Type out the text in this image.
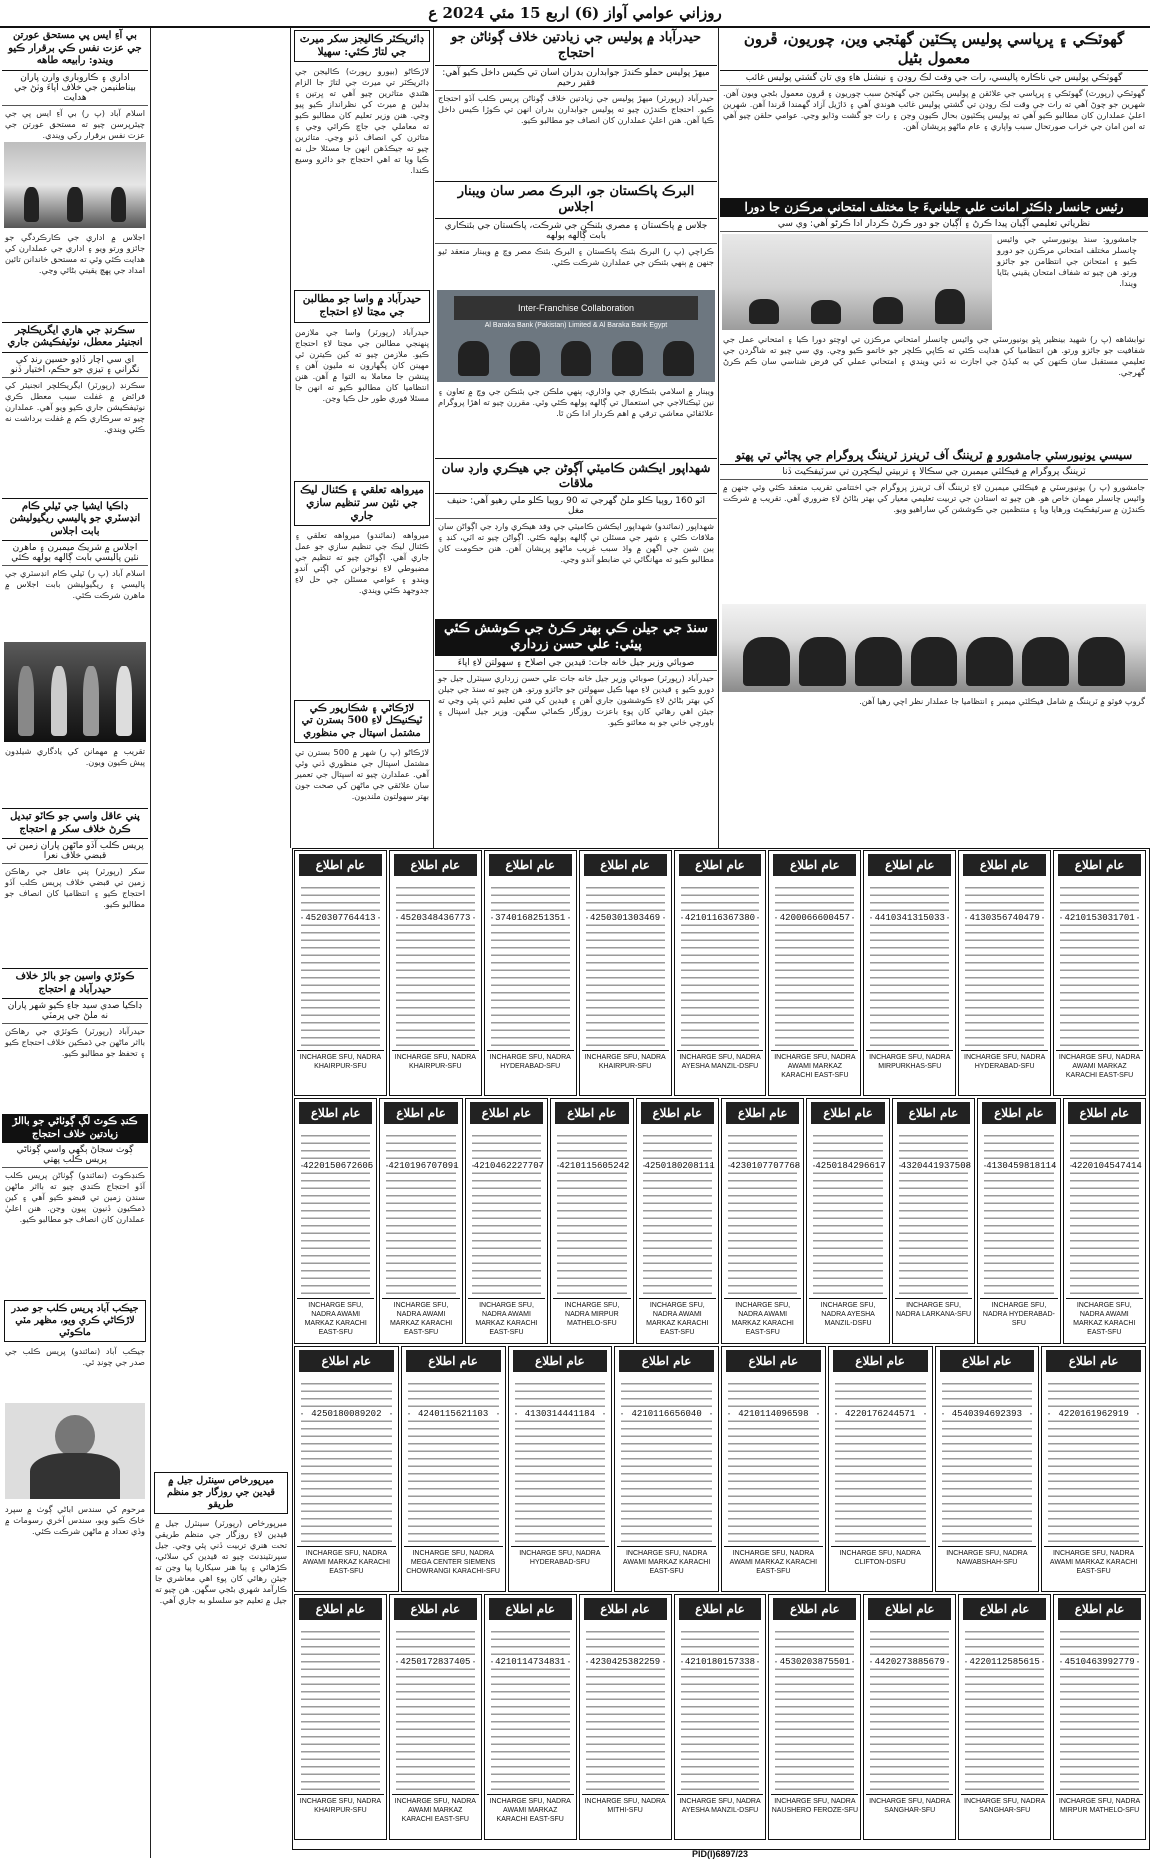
روزاني عوامي آواز (6) اربع 15 مئي 2024 ع
گھوٽڪي ۽ ڀرپاسي پوليس پڪٽين گھٽجي وين، چوريون، ڦرون معمول بڻيل
گھوٽڪي پوليس جي ناڪاره پاليسي، رات جي وقت لڪ روڊن ۽ نيشنل هاءِ وي تان گشتي پوليس غائب
گھوٽڪي (رپورٽ) گھوٽڪي ۽ ڀرپاسي جي علائقن ۾ پوليس پڪٽين جي گھٽجڻ سبب چوريون ۽ ڦرون معمول بڻجي ويون آهن. شهرين جو چوڻ آهي ته رات جي وقت لڪ روڊن تي گشتي پوليس غائب هوندي آهي ۽ ڌاڙيل آزاد گهمندا ڦرندا آهن. شهرين اعليٰ عملدارن کان مطالبو ڪيو آهي ته پوليس پڪٽيون بحال ڪيون وڃن ۽ رات جو گشت وڌايو وڃي. عوامي حلقن چيو آهي ته امن امان جي خراب صورتحال سبب واپاري ۽ عام ماڻهو پريشان آهن.
رئيس جانسار ڊاڪٽر امانت علي جليانيءَ جا مختلف امتحاني مرڪزن جا دورا
نظرياتي تعليمي آڳيان پيدا ڪرڻ ۽ آڳيان جو دور ڪرڻ ڪردار ادا ڪرڻو آهي: وي سي
جامشورو: سنڌ يونيورسٽي جي وائيس چانسلر مختلف امتحاني مرڪزن جو دورو ڪيو ۽ امتحانن جي انتظامن جو جائزو ورتو. هن چيو ته شفاف امتحان يقيني بڻايا ويندا.
نوابشاهه (پ ر) شهيد بينظير ڀٽو يونيورسٽي جي وائيس چانسلر امتحاني مرڪزن تي اوچتو دورا ڪيا ۽ امتحاني عمل جي شفافيت جو جائزو ورتو. هن انتظاميا کي هدايت ڪئي ته ڪاپي ڪلچر جو خاتمو ڪيو وڃي. وي سي چيو ته شاگردن جي تعليمي مستقبل سان ڪنهن کي به کيڏڻ جي اجازت نه ڏني ويندي ۽ امتحاني عملي کي فرض شناسي سان ڪم ڪرڻ گهرجي.
سيسي يونيورسٽي جامشورو ۾ ٽريننگ آف ٽرينرز ٽريننگ پروگرام جي پڄاڻي تي پهتو
ٽريننگ پروگرام ۾ فيڪلٽي ميمبرن جي سڪالا ۽ تربيتي ليڪچرن تي سرٽيفڪيٽ ڏنا
جامشورو (پ ر) يونيورسٽي ۾ فيڪلٽي ميمبرن لاءِ ٽريننگ آف ٽرينرز پروگرام جي اختتامي تقريب منعقد ڪئي وئي جنهن ۾ وائيس چانسلر مهمان خاص هو. هن چيو ته استادن جي تربيت تعليمي معيار کي بهتر بڻائڻ لاءِ ضروري آهي. تقريب ۾ شرڪت ڪندڙن ۾ سرٽيفڪيٽ ورهايا ويا ۽ منتظمين جي ڪوششن کي ساراهيو ويو.
گروپ فوٽو ۾ ٽريننگ ۾ شامل فيڪلٽي ميمبر ۽ انتظاميا جا عملدار نظر اچي رهيا آهن.
حيدرآباد ۾ پوليس جي زيادتين خلاف ڳوٺاڻن جو احتجاج
ميهڙ پوليس حملو ڪندڙ جوابدارن بدران اسان تي ڪيس داخل ڪيو آهي: فقير رحيم
حيدرآباد (رپورٽر) ميهڙ پوليس جي زيادتين خلاف ڳوٺاڻن پريس ڪلب آڏو احتجاج ڪيو. احتجاج ڪندڙن چيو ته پوليس جوابدارن بدران انهن تي ڪوڙا ڪيس داخل ڪيا آهن. هنن اعليٰ عملدارن کان انصاف جو مطالبو ڪيو.
البرڪ پاڪستان جو، البرڪ مصر سان ويبنار اجلاس
جلاس ۾ پاڪستان ۽ مصري بئنڪن جي شرڪت، پاڪستان جي بئنڪاري بابت ڳالهه ٻولهه
ڪراچي (پ ر) البرڪ بئنڪ پاڪستان ۽ البرڪ بئنڪ مصر وچ ۾ ويبنار منعقد ٿيو جنهن ۾ ٻنهي بئنڪن جي عملدارن شرڪت ڪئي.
Inter-Franchise Collaboration
Al Baraka Bank (Pakistan) Limited & Al Baraka Bank Egypt
ويبنار ۾ اسلامي بئنڪاري جي واڌاري، ٻنهي ملڪن جي بئنڪن جي وچ ۾ تعاون ۽ نين ٽيڪنالاجي جي استعمال تي ڳالهه ٻولهه ڪئي وئي. مقررن چيو ته اهڙا پروگرام علائقائي معاشي ترقي ۾ اهم ڪردار ادا ڪن ٿا.
شهداپور ايڪشن ڪاميٽي آڳوڻن جي هيڪري وارڊ سان ملاقات
اٽو 160 روپيا ڪلو ملڻ گهرجي ته 90 روپيا ڪلو ملي رهيو آهي: حنيف مغل
شهداپور (نمائندو) شهداپور ايڪشن ڪاميٽي جي وفد هيڪري وارڊ جي اڳواڻن سان ملاقات ڪئي ۽ شهر جي مسئلن تي ڳالهه ٻولهه ڪئي. اڳواڻن چيو ته اٽي، کنڊ ۽ ٻين شين جي اگهن ۾ واڌ سبب غريب ماڻهو پريشان آهن. هنن حڪومت کان مطالبو ڪيو ته مهانگائي تي ضابطو آندو وڃي.
سنڌ جي جيلن ڪي بهتر ڪرڻ جي ڪوشش ڪئي پيئي: علي حسن زرداري
صوبائي وزير جيل خانه جات: قيدين جي اصلاح ۽ سهولتن لاءِ اپاءَ
حيدرآباد (رپورٽر) صوبائي وزير جيل خانه جات علي حسن زرداري سينٽرل جيل جو دورو ڪيو ۽ قيدين لاءِ مهيا ڪيل سهولتن جو جائزو ورتو. هن چيو ته سنڌ جي جيلن کي بهتر بڻائڻ لاءِ ڪوششون جاري آهن ۽ قيدين کي فني تعليم ڏني پئي وڃي ته جيئن اهي رهائي کان پوءِ باعزت روزگار ڪمائي سگهن. وزير جيل اسپتال ۽ باورچي خاني جو به معائنو ڪيو.
ڊائريڪٽر ڪاليجز سکر ميرٽ جي لتاڙ ڪئي: سهيلا
لاڙڪاڻو (بيورو رپورٽ) ڪاليجن جي ڊائريڪٽر تي ميرٽ جي لتاڙ جا الزام هڻندي متاثرين چيو آهي ته ڀرتين ۽ بدلين ۾ ميرٽ کي نظرانداز ڪيو پيو وڃي. هنن وزير تعليم کان مطالبو ڪيو ته معاملي جي جاچ ڪرائي وڃي ۽ متاثرن کي انصاف ڏنو وڃي. متاثرين چيو ته جيڪڏهن انهن جا مسئلا حل نه ڪيا ويا ته اهي احتجاج جو دائرو وسيع ڪندا.
حيدرآباد ۾ واسا جو مطالبن جي مڃتا لاءِ احتجاج
حيدرآباد (رپورٽر) واسا جي ملازمن پنهنجي مطالبن جي مڃتا لاءِ احتجاج ڪيو. ملازمن چيو ته کين ڪيترن ئي مهينن کان پگهارون نه مليون آهن ۽ پينشن جا معاملا به التوا ۾ آهن. هنن انتظاميا کان مطالبو ڪيو ته انهن جا مسئلا فوري طور حل ڪيا وڃن.
ميرواهه تعلقي ۽ ڪئنال ليڪ جي نئين سر تنظيم سازي جاري
ميرواهه (نمائندو) ميرواهه تعلقي ۽ ڪئنال ليڪ جي تنظيم سازي جو عمل جاري آهي. اڳواڻن چيو ته تنظيم جي مضبوطي لاءِ نوجوانن کي اڳتي آندو ويندو ۽ عوامي مسئلن جي حل لاءِ جدوجهد ڪئي ويندي.
لاڙڪاڻي ۽ شڪارپور ڪي ٽيڪنيڪل لاءِ 500 بسترن تي مشتمل اسپتال جي منظوري
لاڙڪاڻو (پ ر) شهر ۾ 500 بسترن تي مشتمل اسپتال جي منظوري ڏني وئي آهي. عملدارن چيو ته اسپتال جي تعمير سان علائقي جي ماڻهن کي صحت جون بهتر سهولتون ملنديون.
بي آءِ ايس پي مستحق عورتن جي عزت نفس ڪي برقرار ڪيو ويندو: رابيعه طاهه
اداري ۽ ڪاروباري وارن پاران بيناطنيمن جي خلاف اپاءَ وٺڻ جي هدايت
اسلام آباد (پ ر) بي آءِ ايس پي جي چيئرپرسن چيو ته مستحق عورتن جي عزت نفس برقرار رکي ويندي.
اجلاس ۾ اداري جي ڪارڪردگي جو جائزو ورتو ويو ۽ اداري جي عملدارن کي هدايت ڪئي وئي ته مستحق خاندانن تائين امداد جي پهچ يقيني بڻائي وڃي.
سڪرنڊ جي هاري ايگريڪلچر انجنيئر معطل، نوٽيفڪيشن جاري
اي سي اچار ڏاڍو حسين رنڊ کي نگراني ۽ تيزي جو حڪم، اختيار ڏنو
سڪرنڊ (رپورٽر) ايگريڪلچر انجنيئر کي فرائض ۾ غفلت سبب معطل ڪري نوٽيفڪيشن جاري ڪيو ويو آهي. عملدارن چيو ته سرڪاري ڪم ۾ غفلت برداشت نه ڪئي ويندي.
ڊاڪيا ايشيا جي ٽيلي ڪام انڊسٽري جو پاليسي ريگيوليشن بابت اجلاس
اجلاس ۾ شريڪ ميمبرن ۽ ماهرن نئين پاليسي بابت ڳالهه ٻولهه ڪئي
اسلام آباد (پ ر) ٽيلي ڪام انڊسٽري جي پاليسي ۽ ريگيوليشن بابت اجلاس ۾ ماهرن شرڪت ڪئي.
تقريب ۾ مهمانن کي يادگاري شيلڊون پيش ڪيون ويون.
پني عاقل واسي جو ڪاٽو تبديل ڪرڻ خلاف سکر ۾ احتجاج
پريس ڪلب آڏو ماڻهن پاران زمين تي قبضي خلاف نعرا
سکر (رپورٽر) پني عاقل جي رهاڪن زمين تي قبضي خلاف پريس ڪلب آڏو احتجاج ڪيو ۽ انتظاميا کان انصاف جو مطالبو ڪيو.
ڪوٽڙي واسين جو بالڙ خلاف حيدرآباد ۾ احتجاج
ڊاڪيا صدي سيد جاءِ ڪيو شهر پاران نه ملڻ جي پرمٽي
حيدرآباد (رپورٽر) ڪوٽڙي جي رهاڪن بااثر ماڻهن جي ڌمڪين خلاف احتجاج ڪيو ۽ تحفظ جو مطالبو ڪيو.
ڪنڊ ڪوٽ لڳ ڳوٺاڻي جو باالڙ زيادتين خلاف احتجاج
ڳوٺ سجاڻ ٻگهي واسي ڳوٺاڻي پريس ڪلب پهتي
ڪنڊڪوٽ (نمائندو) ڳوٺاڻن پريس ڪلب آڏو احتجاج ڪندي چيو ته بااثر ماڻهن سندن زمين تي قبضو ڪيو آهي ۽ کين ڌمڪيون ڏنيون پيون وڃن. هنن اعليٰ عملدارن کان انصاف جو مطالبو ڪيو.
جيڪب آباد پريس ڪلب جو صدر لاڙڪاڻي ڪري ويو، مظهر مٽي ماڪوٽي
جيڪب آباد (نمائندو) پريس ڪلب جي صدر جي چونڊ ٿي.
مرحوم کي سندس اباڻي ڳوٺ ۾ سپرد خاڪ ڪيو ويو، سندس آخري رسومات ۾ وڏي تعداد ۾ ماڻهن شرڪت ڪئي.
ميرپورخاص سينٽرل جيل ۾ قيدين جي روزگار جو منظم طريقو
ميرپورخاص (رپورٽر) سينٽرل جيل ۾ قيدين لاءِ روزگار جي منظم طريقي تحت هنري تربيت ڏني پئي وڃي. جيل سپرنٽينڊنٽ چيو ته قيدين کي سلائي، ڪڙهائي ۽ ٻيا هنر سيکاريا پيا وڃن ته جيئن رهائي کان پوءِ اهي معاشري جا ڪارآمد شهري بڻجي سگهن. هن چيو ته جيل ۾ تعليم جو سلسلو به جاري آهي.
عام اطلاع
4210153031701
INCHARGE SFU, NADRA AWAMI MARKAZ KARACHI EAST-SFU
عام اطلاع
4130356740479
INCHARGE SFU, NADRA HYDERABAD-SFU
عام اطلاع
4410341315033
INCHARGE SFU, NADRA MIRPURKHAS-SFU
عام اطلاع
4200066600457
INCHARGE SFU, NADRA AWAMI MARKAZ KARACHI EAST-SFU
عام اطلاع
4210116367380
INCHARGE SFU, NADRA AYESHA MANZIL-DSFU
عام اطلاع
4250301303469
INCHARGE SFU, NADRA KHAIRPUR-SFU
عام اطلاع
3740168251351
INCHARGE SFU, NADRA HYDERABAD-SFU
عام اطلاع
4520348436773
INCHARGE SFU, NADRA KHAIRPUR-SFU
عام اطلاع
4520307764413
INCHARGE SFU, NADRA KHAIRPUR-SFU
عام اطلاع
4220104547414
INCHARGE SFU, NADRA AWAMI MARKAZ KARACHI EAST-SFU
عام اطلاع
4130459818114
INCHARGE SFU, NADRA HYDERABAD-SFU
عام اطلاع
4320441937508
INCHARGE SFU, NADRA LARKANA-SFU
عام اطلاع
4250184296617
INCHARGE SFU, NADRA AYESHA MANZIL-DSFU
عام اطلاع
4230107707768
INCHARGE SFU, NADRA AWAMI MARKAZ KARACHI EAST-SFU
عام اطلاع
4250180208111
INCHARGE SFU, NADRA AWAMI MARKAZ KARACHI EAST-SFU
عام اطلاع
4210115605242
INCHARGE SFU, NADRA MIRPUR MATHELO-SFU
عام اطلاع
4210462227707
INCHARGE SFU, NADRA AWAMI MARKAZ KARACHI EAST-SFU
عام اطلاع
4210196707091
INCHARGE SFU, NADRA AWAMI MARKAZ KARACHI EAST-SFU
عام اطلاع
4220150672605
INCHARGE SFU, NADRA AWAMI MARKAZ KARACHI EAST-SFU
عام اطلاع
4220161962919
INCHARGE SFU, NADRA AWAMI MARKAZ KARACHI EAST-SFU
عام اطلاع
4540394692393
INCHARGE SFU, NADRA NAWABSHAH-SFU
عام اطلاع
4220176244571
INCHARGE SFU, NADRA CLIFTON-DSFU
عام اطلاع
4210114096598
INCHARGE SFU, NADRA AWAMI MARKAZ KARACHI EAST-SFU
عام اطلاع
4210116656040
INCHARGE SFU, NADRA AWAMI MARKAZ KARACHI EAST-SFU
عام اطلاع
4130314441184
INCHARGE SFU, NADRA HYDERABAD-SFU
عام اطلاع
4240115621103
INCHARGE SFU, NADRA MEGA CENTER SIEMENS CHOWRANGI KARACHI-SFU
عام اطلاع
4250180089202
INCHARGE SFU, NADRA AWAMI MARKAZ KARACHI EAST-SFU
عام اطلاع
4510463992779
INCHARGE SFU, NADRA MIRPUR MATHELO-SFU
عام اطلاع
4220112585615
INCHARGE SFU, NADRA SANGHAR-SFU
عام اطلاع
4420273885679
INCHARGE SFU, NADRA SANGHAR-SFU
عام اطلاع
4530203875501
INCHARGE SFU, NADRA NAUSHERO FEROZE-SFU
عام اطلاع
4210180157338
INCHARGE SFU, NADRA AYESHA MANZIL-DSFU
عام اطلاع
4230425382259
INCHARGE SFU, NADRA MITHI-SFU
عام اطلاع
4210114734831
INCHARGE SFU, NADRA AWAMI MARKAZ KARACHI EAST-SFU
عام اطلاع
4250172837405
INCHARGE SFU, NADRA AWAMI MARKAZ KARACHI EAST-SFU
عام اطلاع
INCHARGE SFU, NADRA KHAIRPUR-SFU
PID(I)6897/23
